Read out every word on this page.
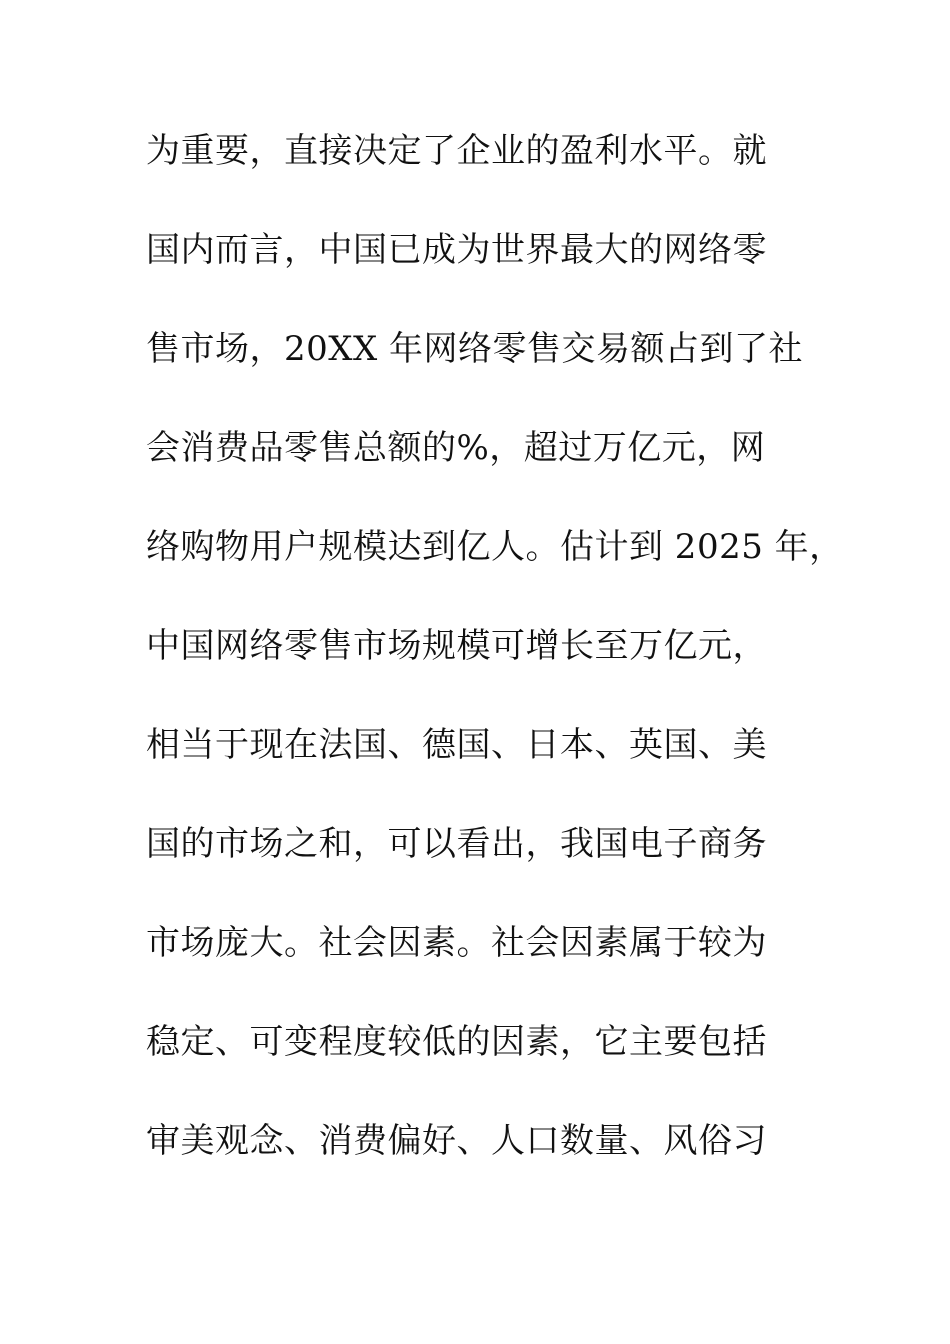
为重要，直接决定了企业的盈利水平。就
国内而言，中国已成为世界最大的网络零
售市场，20XX 年网络零售交易额占到了社
会消费品零售总额的%，超过万亿元，网
络购物用户规模达到亿人。估计到 2025 年，
中国网络零售市场规模可增长至万亿元，
相当于现在法国、德国、日本、英国、美
国的市场之和，可以看出，我国电子商务
市场庞大。社会因素。社会因素属于较为
稳定、可变程度较低的因素，它主要包括
审美观念、消费偏好、人口数量、风俗习
